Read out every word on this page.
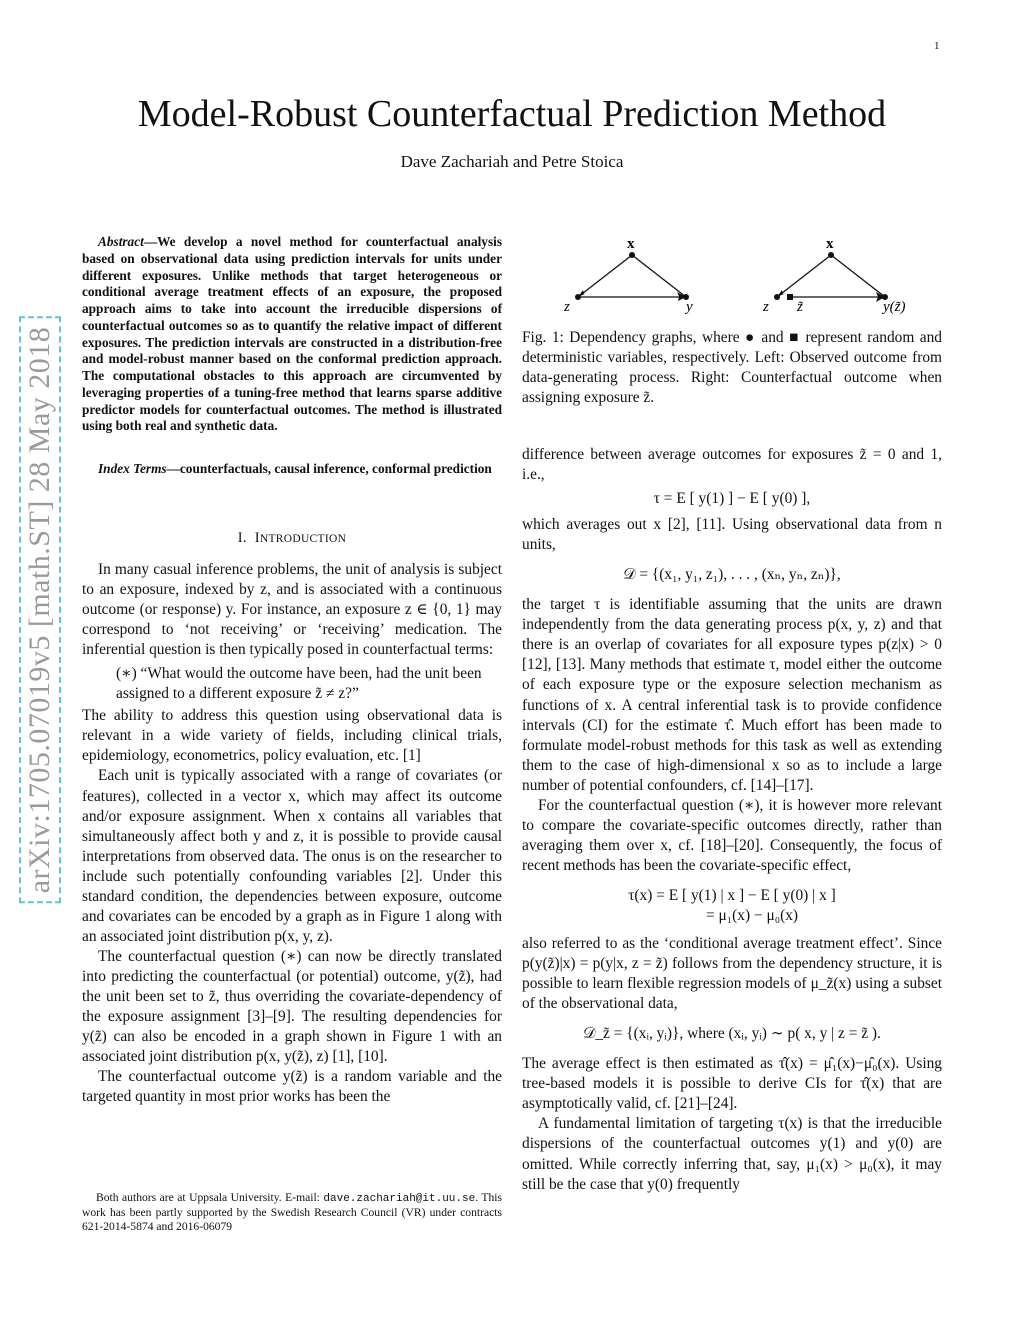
1
Model-Robust Counterfactual Prediction Method
Dave Zachariah and Petre Stoica
arXiv:1705.07019v5 [math.ST] 28 May 2018
Abstract—We develop a novel method for counterfactual analysis based on observational data using prediction intervals for units under different exposures. Unlike methods that target heterogeneous or conditional average treatment effects of an exposure, the proposed approach aims to take into account the irreducible dispersions of counterfactual outcomes so as to quantify the relative impact of different exposures. The prediction intervals are constructed in a distribution-free and model-robust manner based on the conformal prediction approach. The computational obstacles to this approach are circumvented by leveraging properties of a tuning-free method that learns sparse additive predictor models for counterfactual outcomes. The method is illustrated using both real and synthetic data.
Index Terms—counterfactuals, causal inference, conformal prediction
I. INTRODUCTION

In many casual inference problems, the unit of analysis is subject to an exposure, indexed by z, and is associated with a continuous outcome (or response) y. For instance, an exposure z ∈ {0, 1} may correspond to ‘not receiving’ or ‘receiving’ medication. The inferential question is then typically posed in counterfactual terms:

(∗) “What would the outcome have been, had the unit been assigned to a different exposure z̃ ≠ z?”

The ability to address this question using observational data is relevant in a wide variety of fields, including clinical trials, epidemiology, econometrics, policy evaluation, etc. [1]

Each unit is typically associated with a range of covariates (or features), collected in a vector x, which may affect its outcome and/or exposure assignment. When x contains all variables that simultaneously affect both y and z, it is possible to provide causal interpretations from observed data. The onus is on the researcher to include such potentially confounding variables [2]. Under this standard condition, the dependencies between exposure, outcome and covariates can be encoded by a graph as in Figure 1 along with an associated joint distribution p(x, y, z).

The counterfactual question (∗) can now be directly translated into predicting the counterfactual (or potential) outcome, y(z̃), had the unit been set to z̃, thus overriding the covariate-dependency of the exposure assignment [3]–[9]. The resulting dependencies for y(z̃) can also be encoded in a graph shown in Figure 1 with an associated joint distribution p(x, y(z̃), z) [1], [10].

The counterfactual outcome y(z̃) is a random variable and the targeted quantity in most prior works has been the

Both authors are at Uppsala University. E-mail: dave.zachariah@it.uu.se. This work has been partly supported by the Swedish Research Council (VR) under contracts 621-2014-5874 and 2016-06079
x
z	y
x
z z̃	y(z̃)
Fig. 1: Dependency graphs, where ● and ■ represent random and deterministic variables, respectively. Left: Observed outcome from data-generating process. Right: Counterfactual outcome when assigning exposure z̃.

difference between average outcomes for exposures z̃ = 0 and 1, i.e.,

τ = E [ y(1) ] − E [ y(0) ],

which averages out x [2], [11]. Using observational data from n units,

𝒟 = {(x₁, y₁, z₁), . . . , (xₙ, yₙ, zₙ)},

the target τ is identifiable assuming that the units are drawn independently from the data generating process p(x, y, z) and that there is an overlap of covariates for all exposure types p(z|x) > 0 [12], [13]. Many methods that estimate τ, model either the outcome of each exposure type or the exposure selection mechanism as functions of x. A central inferential task is to provide confidence intervals (CI) for the estimate τ̂. Much effort has been made to formulate model-robust methods for this task as well as extending them to the case of high-dimensional x so as to include a large number of potential confounders, cf. [14]–[17].

For the counterfactual question (∗), it is however more relevant to compare the covariate-specific outcomes directly, rather than averaging them over x, cf. [18]–[20]. Consequently, the focus of recent methods has been the covariate-specific effect,

τ(x) = E [ y(1) | x ] − E [ y(0) | x ]

= μ₁(x) − μ₀(x)

also referred to as the ‘conditional average treatment effect’. Since p(y(z̃)|x) = p(y|x, z = z̃) follows from the dependency structure, it is possible to learn flexible regression models of μ_z̃(x) using a subset of the observational data,

𝒟_z̃ = {(xᵢ, yᵢ)}, where (xᵢ, yᵢ) ∼ p( x, y | z = z̃ ).

The average effect is then estimated as τ̂(x) = μ̂₁(x)−μ̂₀(x). Using tree-based models it is possible to derive CIs for τ̂(x) that are asymptotically valid, cf. [21]–[24].

A fundamental limitation of targeting τ(x) is that the irreducible dispersions of the counterfactual outcomes y(1) and y(0) are omitted. While correctly inferring that, say, μ₁(x) > μ₀(x), it may still be the case that y(0) frequently
